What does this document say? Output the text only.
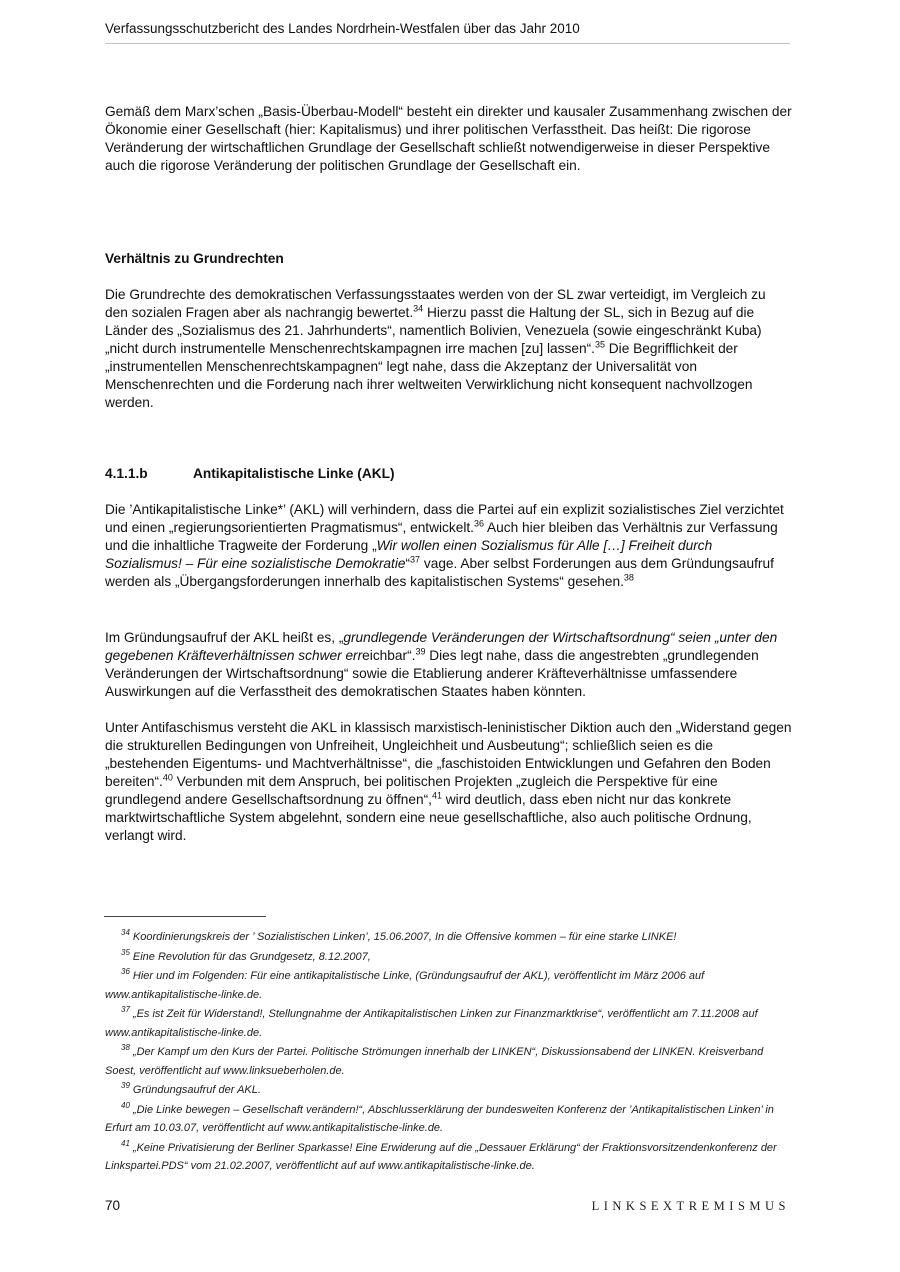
Verfassungsschutzbericht des Landes Nordrhein-Westfalen über das Jahr 2010
Gemäß dem Marx’schen „Basis-Überbau-Modell“ besteht ein direkter und kausaler Zusammenhang zwischen der Ökonomie einer Gesellschaft (hier: Kapitalismus) und ihrer politischen Verfasstheit. Das heißt: Die rigorose Veränderung der wirtschaftlichen Grundlage der Gesellschaft schließt notwendigerweise in dieser Perspektive auch die rigorose Veränderung der politischen Grundlage der Gesellschaft ein.
Verhältnis zu Grundrechten
Die Grundrechte des demokratischen Verfassungsstaates werden von der SL zwar verteidigt, im Vergleich zu den sozialen Fragen aber als nachrangig bewertet.$^{34}$ Hierzu passt die Haltung der SL, sich in Bezug auf die Länder des „Sozialismus des 21. Jahrhunderts“, namentlich Bolivien, Venezuela (sowie eingeschränkt Kuba) „nicht durch instrumentelle Menschenrechtskampagnen irre machen [zu] lassen“.$^{35}$ Die Begrifflichkeit der „instrumentellen Menschenrechtskampagnen“ legt nahe, dass die Akzeptanz der Universalität von Menschenrechten und die Forderung nach ihrer weltweiten Verwirklichung nicht konsequent nachvollzogen werden.
4.1.1.b	Antikapitalistische Linke (AKL)
Die ’Antikapitalistische Linke*’ (AKL) will verhindern, dass die Partei auf ein explizit sozialistisches Ziel verzichtet und einen „regierungsorientierten Pragmatismus“, entwickelt.$^{36}$ Auch hier bleiben das Verhältnis zur Verfassung und die inhaltliche Tragweite der Forderung „Wir wollen einen Sozialismus für Alle […] Freiheit durch Sozialismus! – Für eine sozialistische Demokratie“$^{37}$ vage. Aber selbst Forderungen aus dem Gründungsaufruf werden als „Übergangsforderungen innerhalb des kapitalistischen Systems“ gesehen.$^{38}$
Im Gründungsaufruf der AKL heißt es, „grundlegende Veränderungen der Wirtschaftsordnung“ seien „unter den gegebenen Kräfteverhältnissen schwer erreichbar“.$^{39}$ Dies legt nahe, dass die angestrebten „grundlegenden Veränderungen der Wirtschaftsordnung“ sowie die Etablierung anderer Kräfteverhältnisse umfassendere Auswirkungen auf die Verfasstheit des demokratischen Staates haben könnten.
Unter Antifaschismus versteht die AKL in klassisch marxistisch-leninistischer Diktion auch den „Widerstand gegen die strukturellen Bedingungen von Unfreiheit, Ungleichheit und Ausbeutung“; schließlich seien es die „bestehenden Eigentums- und Machtverhältnisse“, die „faschistoiden Entwicklungen und Gefahren den Boden bereiten“.$^{40}$ Verbunden mit dem Anspruch, bei politischen Projekten „zugleich die Perspektive für eine grundlegend andere Gesellschaftsordnung zu öffnen“,$^{41}$ wird deutlich, dass eben nicht nur das konkrete marktwirtschaftliche System abgelehnt, sondern eine neue gesellschaftliche, also auch politische Ordnung, verlangt wird.
$^{34}$ Koordinierungskreis der ’ Sozialistischen Linken’, 15.06.2007, In die Offensive kommen – für eine starke LINKE!
$^{35}$ Eine Revolution für das Grundgesetz, 8.12.2007,
$^{36}$ Hier und im Folgenden: Für eine antikapitalistische Linke, (Gründungsaufruf der AKL), veröffentlicht im März 2006 auf www.antikapitalistische-linke.de.
$^{37}$ „Es ist Zeit für Widerstand!, Stellungnahme der Antikapitalistischen Linken zur Finanzmarktkrise“, veröffentlicht am 7.11.2008 auf www.antikapitalistische-linke.de.
$^{38}$ „Der Kampf um den Kurs der Partei. Politische Strömungen innerhalb der LINKEN“, Diskussionsabend der LINKEN. Kreisverband Soest, veröffentlicht auf www.linksueberholen.de.
$^{39}$ Gründungsaufruf der AKL.
$^{40}$ „Die Linke bewegen – Gesellschaft verändern!“, Abschlusserklärung der bundesweiten Konferenz der ’Antikapitalistischen Linken’ in Erfurt am 10.03.07, veröffentlicht auf www.antikapitalistische-linke.de.
$^{41}$ „Keine Privatisierung der Berliner Sparkasse! Eine Erwiderung auf die „Dessauer Erklärung“ der Fraktionsvorsitzendenkonferenz der Linkspartei.PDS“ vom 21.02.2007, veröffentlicht auf auf www.antikapitalistische-linke.de.
70	LINKSEXTREMISMUS
